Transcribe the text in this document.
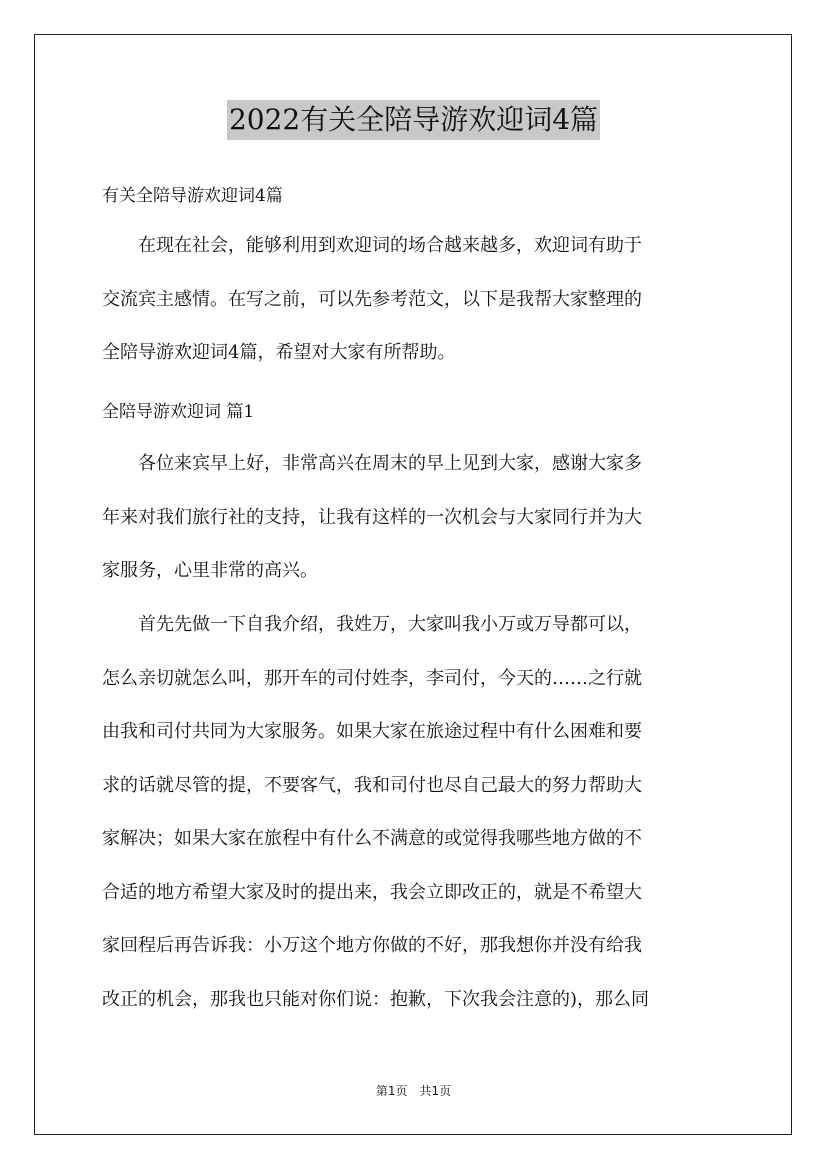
2022有关全陪导游欢迎词4篇
有关全陪导游欢迎词4篇
　　在现在社会，能够利用到欢迎词的场合越来越多，欢迎词有助于
交流宾主感情。在写之前，可以先参考范文，以下是我帮大家整理的
全陪导游欢迎词4篇，希望对大家有所帮助。
全陪导游欢迎词 篇1
　　各位来宾早上好，非常高兴在周末的早上见到大家，感谢大家多
年来对我们旅行社的支持，让我有这样的一次机会与大家同行并为大
家服务，心里非常的高兴。
　　首先先做一下自我介绍，我姓万，大家叫我小万或万导都可以，
怎么亲切就怎么叫，那开车的司付姓李，李司付，今天的……之行就
由我和司付共同为大家服务。如果大家在旅途过程中有什么困难和要
求的话就尽管的提，不要客气，我和司付也尽自己最大的努力帮助大
家解决；如果大家在旅程中有什么不满意的或觉得我哪些地方做的不
合适的地方希望大家及时的提出来，我会立即改正的，就是不希望大
家回程后再告诉我：小万这个地方你做的不好，那我想你并没有给我
改正的机会，那我也只能对你们说：抱歉，下次我会注意的)，那么同
第1页　共1页
